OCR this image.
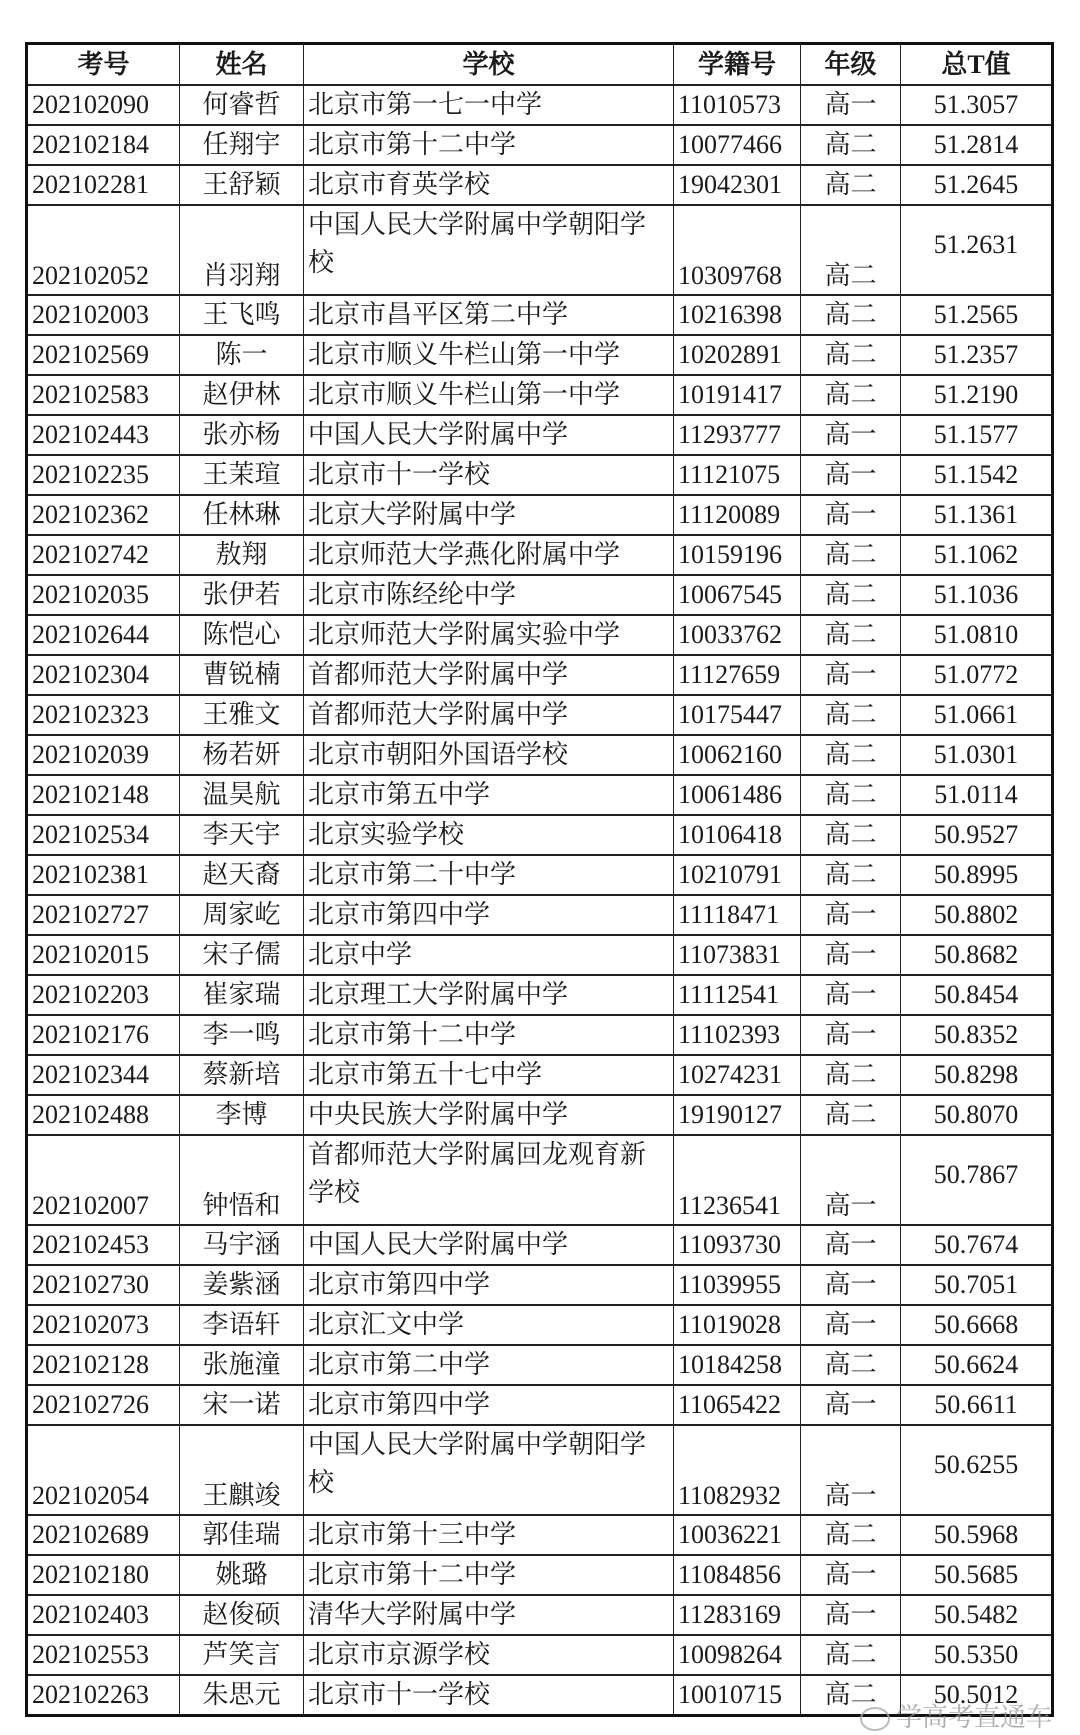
考号	姓名	学校	学籍号	年级	总T值
202102090	何睿哲	北京市第一七一中学	11010573	高一	51.3057
202102184	任翔宇	北京市第十二中学	10077466	高二	51.2814
202102281	王舒颖	北京市育英学校	19042301	高二	51.2645
202102052	肖羽翔	中国人民大学附属中学朝阳学校	10309768	高二	51.2631
202102003	王飞鸣	北京市昌平区第二中学	10216398	高二	51.2565
202102569	陈一	北京市顺义牛栏山第一中学	10202891	高二	51.2357
202102583	赵伊林	北京市顺义牛栏山第一中学	10191417	高二	51.2190
202102443	张亦杨	中国人民大学附属中学	11293777	高一	51.1577
202102235	王茉瑄	北京市十一学校	11121075	高一	51.1542
202102362	任林琳	北京大学附属中学	11120089	高一	51.1361
202102742	敖翔	北京师范大学燕化附属中学	10159196	高二	51.1062
202102035	张伊若	北京市陈经纶中学	10067545	高二	51.1036
202102644	陈恺心	北京师范大学附属实验中学	10033762	高二	51.0810
202102304	曹锐楠	首都师范大学附属中学	11127659	高一	51.0772
202102323	王雅文	首都师范大学附属中学	10175447	高二	51.0661
202102039	杨若妍	北京市朝阳外国语学校	10062160	高二	51.0301
202102148	温昊航	北京市第五中学	10061486	高二	51.0114
202102534	李天宇	北京实验学校	10106418	高二	50.9527
202102381	赵天裔	北京市第二十中学	10210791	高二	50.8995
202102727	周家屹	北京市第四中学	11118471	高一	50.8802
202102015	宋子儒	北京中学	11073831	高一	50.8682
202102203	崔家瑞	北京理工大学附属中学	11112541	高一	50.8454
202102176	李一鸣	北京市第十二中学	11102393	高一	50.8352
202102344	蔡新培	北京市第五十七中学	10274231	高二	50.8298
202102488	李博	中央民族大学附属中学	19190127	高二	50.8070
202102007	钟悟和	首都师范大学附属回龙观育新学校	11236541	高一	50.7867
202102453	马宇涵	中国人民大学附属中学	11093730	高一	50.7674
202102730	姜紫涵	北京市第四中学	11039955	高一	50.7051
202102073	李语轩	北京汇文中学	11019028	高一	50.6668
202102128	张施潼	北京市第二中学	10184258	高二	50.6624
202102726	宋一诺	北京市第四中学	11065422	高一	50.6611
202102054	王麒竣	中国人民大学附属中学朝阳学校	11082932	高一	50.6255
202102689	郭佳瑞	北京市第十三中学	10036221	高二	50.5968
202102180	姚璐	北京市第十二中学	11084856	高一	50.5685
202102403	赵俊硕	清华大学附属中学	11283169	高一	50.5482
202102553	芦笑言	北京市京源学校	10098264	高二	50.5350
202102263	朱思元	北京市十一学校	10010715	高二	50.5012
学高考直通车
